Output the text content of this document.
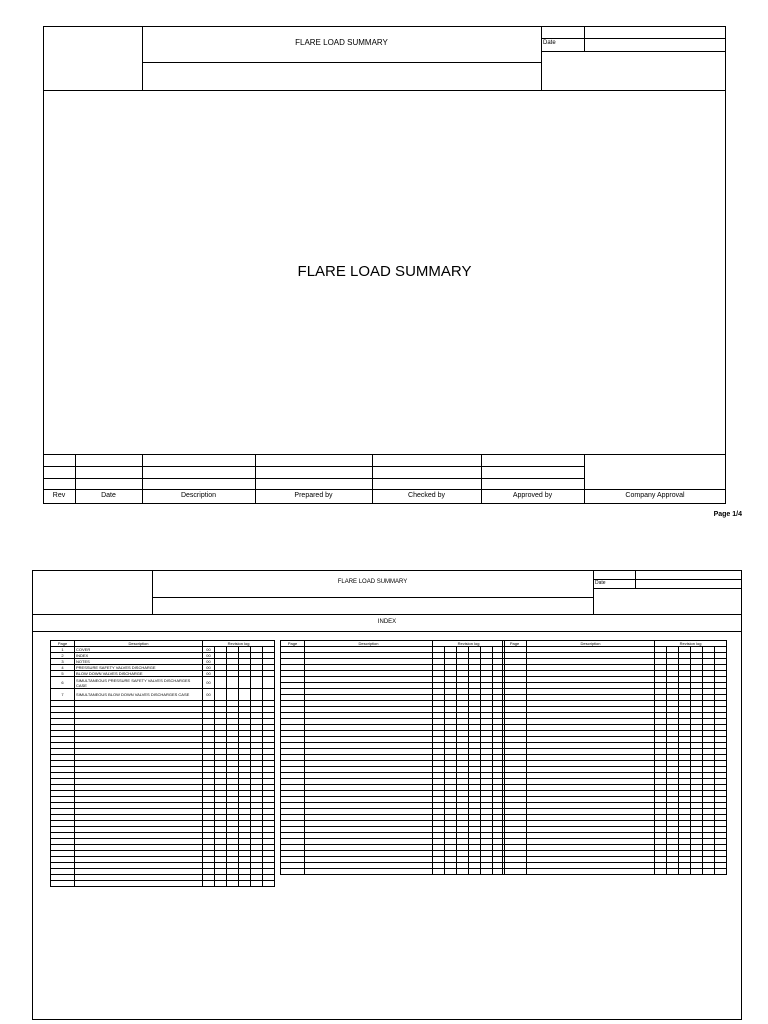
FLARE LOAD SUMMARY	Date
FLARE LOAD SUMMARY
Rev	Date	Description	Prepared by	Checked by	Approved by	Company Approval
Page 1/4
FLARE LOAD SUMMARY	Date
INDEX
Page	Description	Revision log					
1	COVER	00					
2	INDEX	00					
3	NOTES	00					
4	PRESSURE SAFETY VALVES DISCHARGE	00					
5	BLOW DOWN VALVES DISCHARGE	00					
6	SIMULTANEOUS PRESSURE SAFETY VALVES DISCHARGES CASE	00					
7	SIMULTANEOUS BLOW DOWN VALVES DISCHARGES CASE	00					

Page	Description	Revision log					

								Page	Description	Revision log					
